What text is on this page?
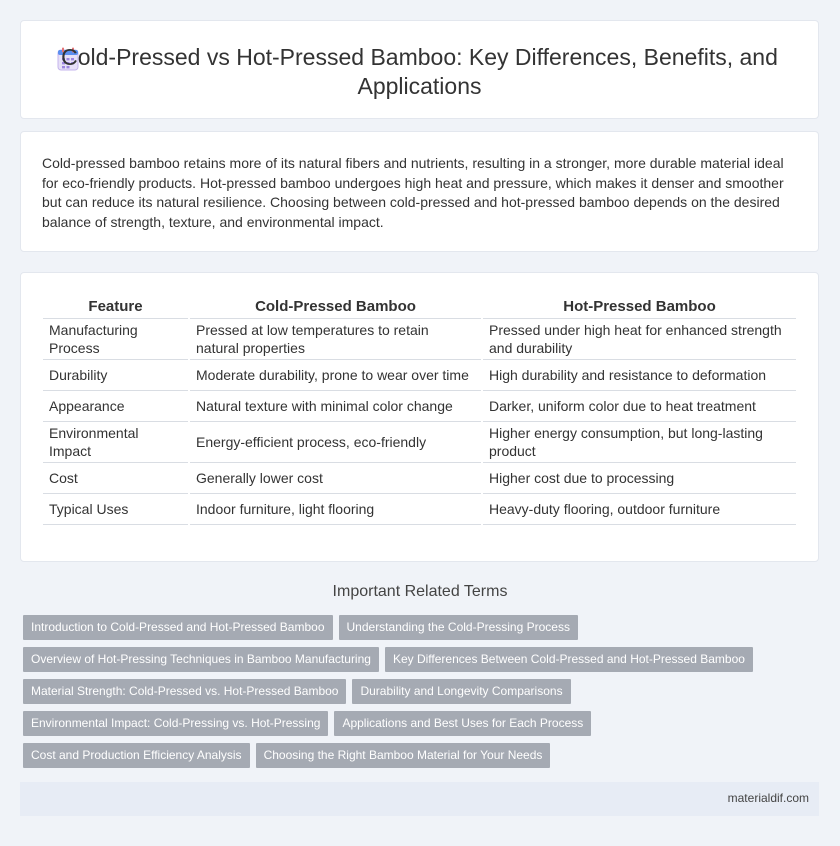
Cold-Pressed vs Hot-Pressed Bamboo: Key Differences, Benefits, and Applications

Cold-pressed bamboo retains more of its natural fibers and nutrients, resulting in a stronger, more durable material ideal for eco-friendly products. Hot-pressed bamboo undergoes high heat and pressure, which makes it denser and smoother but can reduce its natural resilience. Choosing between cold-pressed and hot-pressed bamboo depends on the desired balance of strength, texture, and environmental impact.

Feature	Cold-Pressed Bamboo	Hot-Pressed Bamboo
Manufacturing Process	Pressed at low temperatures to retain natural properties	Pressed under high heat for enhanced strength and durability
Durability	Moderate durability, prone to wear over time	High durability and resistance to deformation
Appearance	Natural texture with minimal color change	Darker, uniform color due to heat treatment
Environmental Impact	Energy-efficient process, eco-friendly	Higher energy consumption, but long-lasting product
Cost	Generally lower cost	Higher cost due to processing
Typical Uses	Indoor furniture, light flooring	Heavy-duty flooring, outdoor furniture
Important Related Terms
Introduction to Cold-Pressed and Hot-Pressed Bamboo Understanding the Cold-Pressing Process
Overview of Hot-Pressing Techniques in Bamboo Manufacturing Key Differences Between Cold-Pressed and Hot-Pressed Bamboo
Material Strength: Cold-Pressed vs. Hot-Pressed Bamboo Durability and Longevity Comparisons
Environmental Impact: Cold-Pressing vs. Hot-Pressing Applications and Best Uses for Each Process
Cost and Production Efficiency Analysis Choosing the Right Bamboo Material for Your Needs
materialdif.com
